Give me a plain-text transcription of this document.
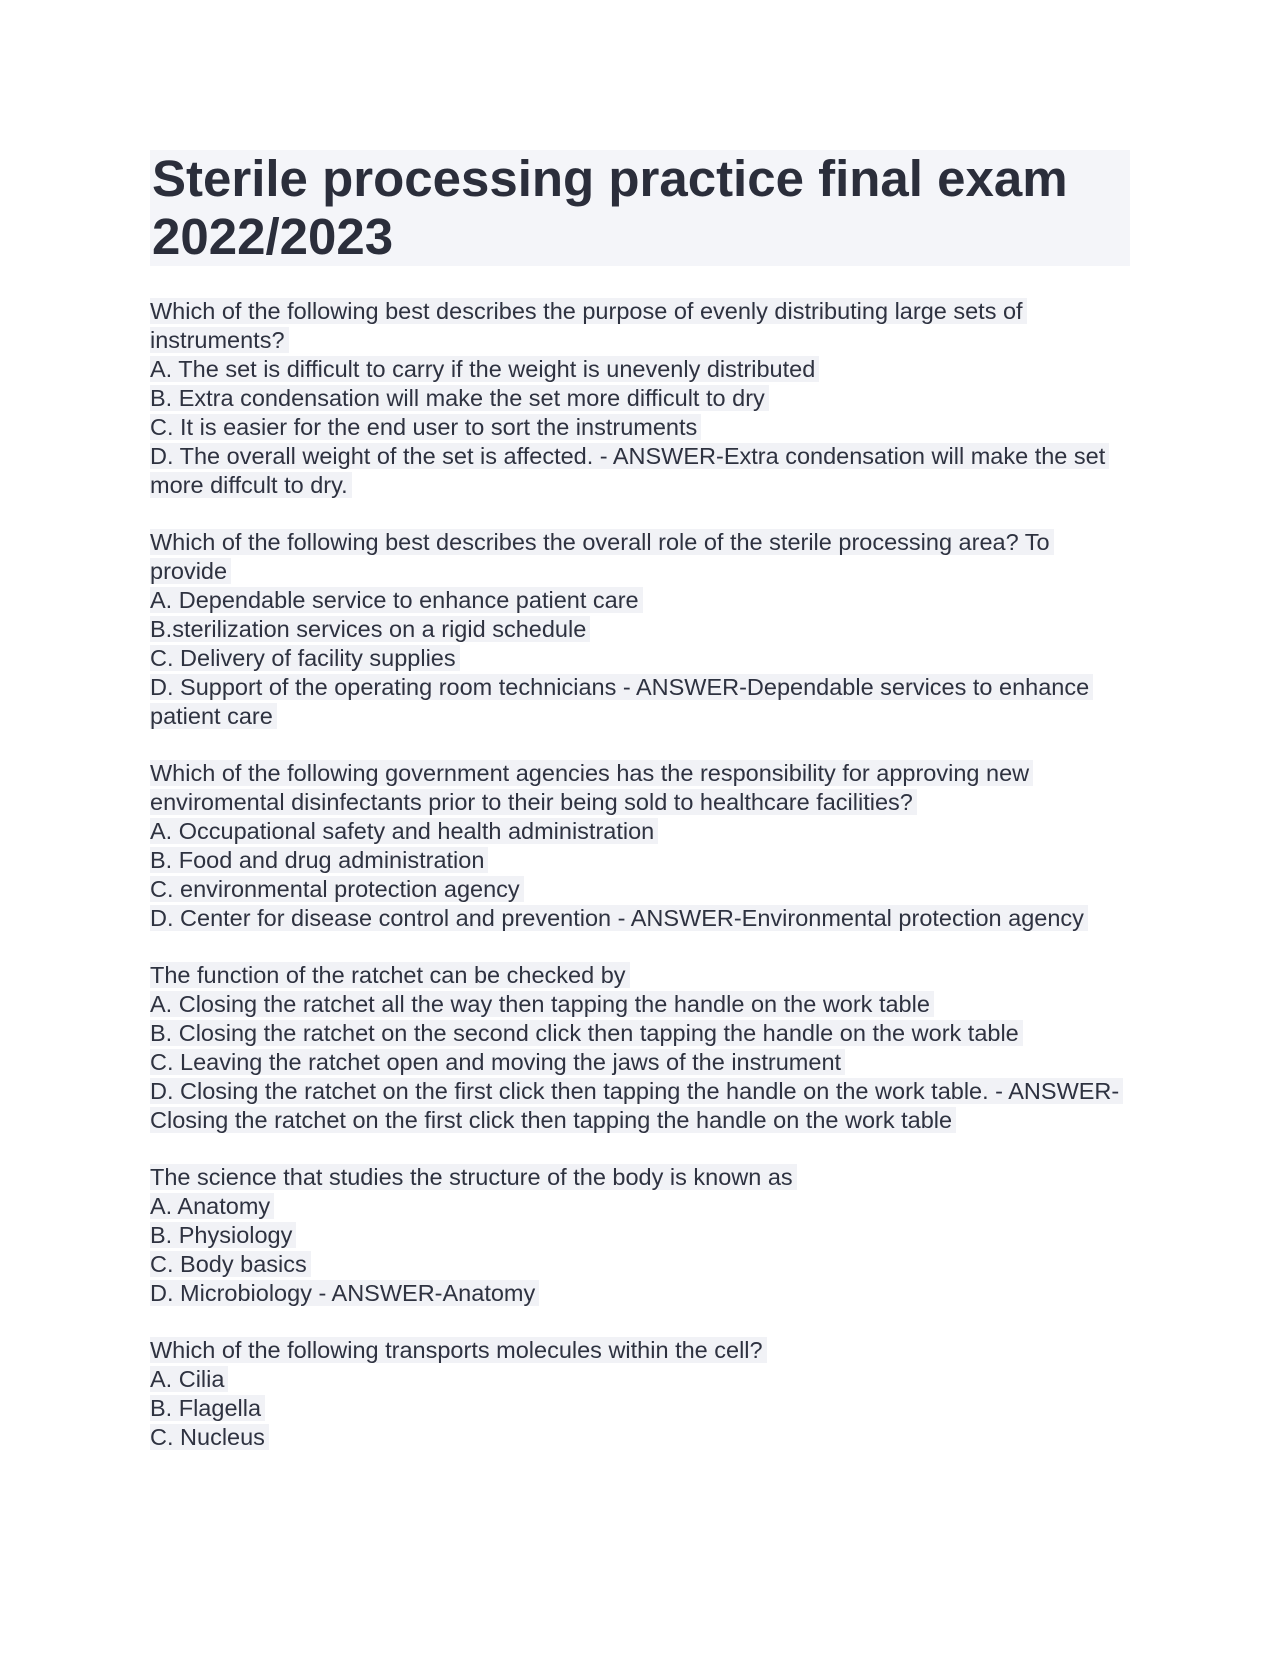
Sterile processing practice final exam 2022/2023
Which of the following best describes the purpose of evenly distributing large sets of instruments?
A. The set is difficult to carry if the weight is unevenly distributed
B. Extra condensation will make the set more difficult to dry
C. It is easier for the end user to sort the instruments
D. The overall weight of the set is affected. - ANSWER-Extra condensation will make the set more diffcult to dry.
Which of the following best describes the overall role of the sterile processing area? To provide
A. Dependable service to enhance patient care
B.sterilization services on a rigid schedule
C. Delivery of facility supplies
D. Support of the operating room technicians - ANSWER-Dependable services to enhance patient care
Which of the following government agencies has the responsibility for approving new enviromental disinfectants prior to their being sold to healthcare facilities?
A. Occupational safety and health administration
B. Food and drug administration
C. environmental protection agency
D. Center for disease control and prevention - ANSWER-Environmental protection agency
The function of the ratchet can be checked by
A. Closing the ratchet all the way then tapping the handle on the work table
B. Closing the ratchet on the second click then tapping the handle on the work table
C. Leaving the ratchet open and moving the jaws of the instrument
D. Closing the ratchet on the first click then tapping the handle on the work table. - ANSWER-Closing the ratchet on the first click then tapping the handle on the work table
The science that studies the structure of the body is known as
A. Anatomy
B. Physiology
C. Body basics
D. Microbiology - ANSWER-Anatomy
Which of the following transports molecules within the cell?
A. Cilia
B. Flagella
C. Nucleus
